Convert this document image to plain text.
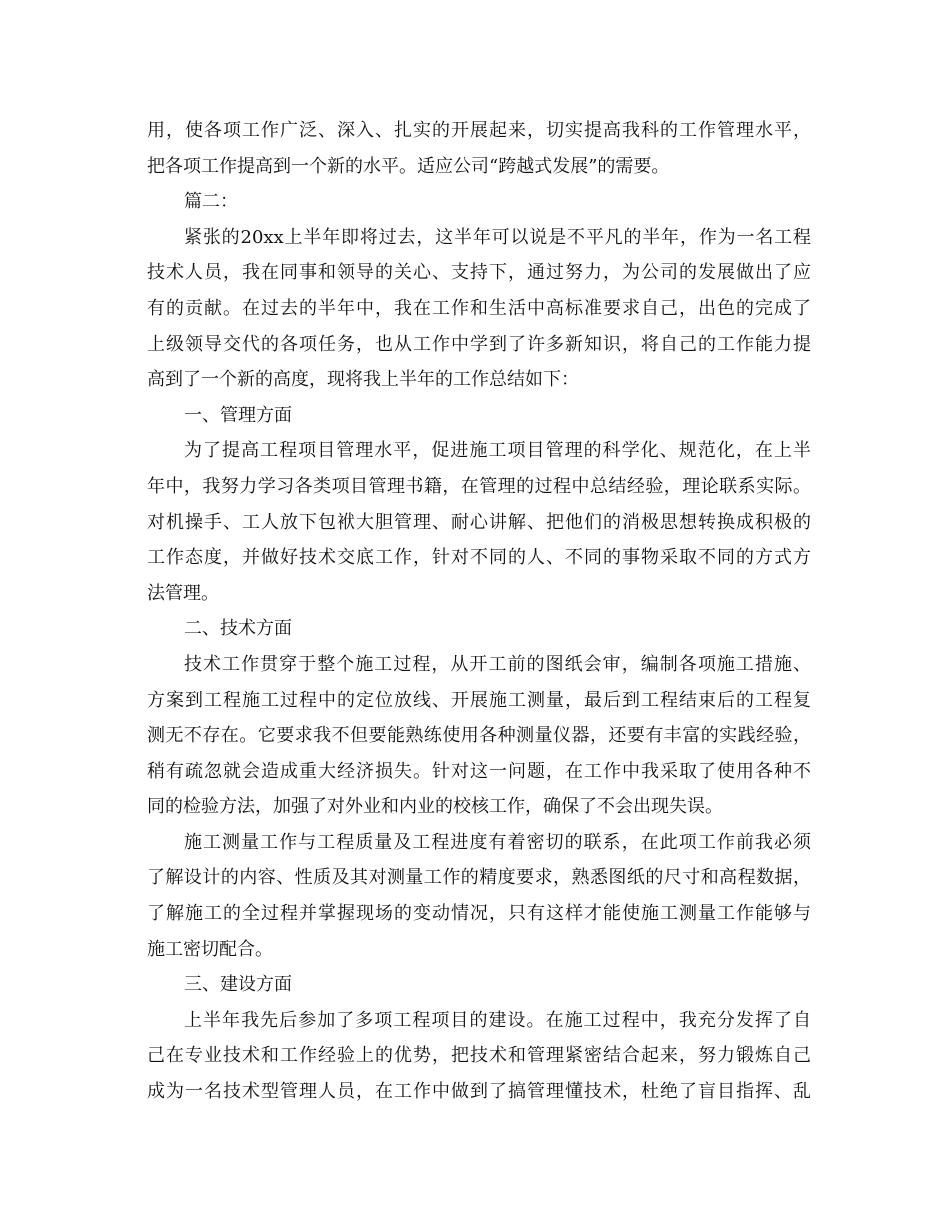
用，使各项工作广泛、深入、扎实的开展起来，切实提高我科的工作管理水平，
把各项工作提高到一个新的水平。适应公司“跨越式发展”的需要。
篇二：
紧张的20xx上半年即将过去，这半年可以说是不平凡的半年，作为一名工程
技术人员，我在同事和领导的关心、支持下，通过努力，为公司的发展做出了应
有的贡献。在过去的半年中，我在工作和生活中高标准要求自己，出色的完成了
上级领导交代的各项任务，也从工作中学到了许多新知识，将自己的工作能力提
高到了一个新的高度，现将我上半年的工作总结如下：
一、管理方面
为了提高工程项目管理水平，促进施工项目管理的科学化、规范化，在上半
年中，我努力学习各类项目管理书籍，在管理的过程中总结经验，理论联系实际。
对机操手、工人放下包袱大胆管理、耐心讲解、把他们的消极思想转换成积极的
工作态度，并做好技术交底工作，针对不同的人、不同的事物采取不同的方式方
法管理。
二、技术方面
技术工作贯穿于整个施工过程，从开工前的图纸会审，编制各项施工措施、
方案到工程施工过程中的定位放线、开展施工测量，最后到工程结束后的工程复
测无不存在。它要求我不但要能熟练使用各种测量仪器，还要有丰富的实践经验，
稍有疏忽就会造成重大经济损失。针对这一问题，在工作中我采取了使用各种不
同的检验方法，加强了对外业和内业的校核工作，确保了不会出现失误。
施工测量工作与工程质量及工程进度有着密切的联系，在此项工作前我必须
了解设计的内容、性质及其对测量工作的精度要求，熟悉图纸的尺寸和高程数据，
了解施工的全过程并掌握现场的变动情况，只有这样才能使施工测量工作能够与
施工密切配合。
三、建设方面
上半年我先后参加了多项工程项目的建设。在施工过程中，我充分发挥了自
己在专业技术和工作经验上的优势，把技术和管理紧密结合起来，努力锻炼自己
成为一名技术型管理人员，在工作中做到了搞管理懂技术，杜绝了盲目指挥、乱
